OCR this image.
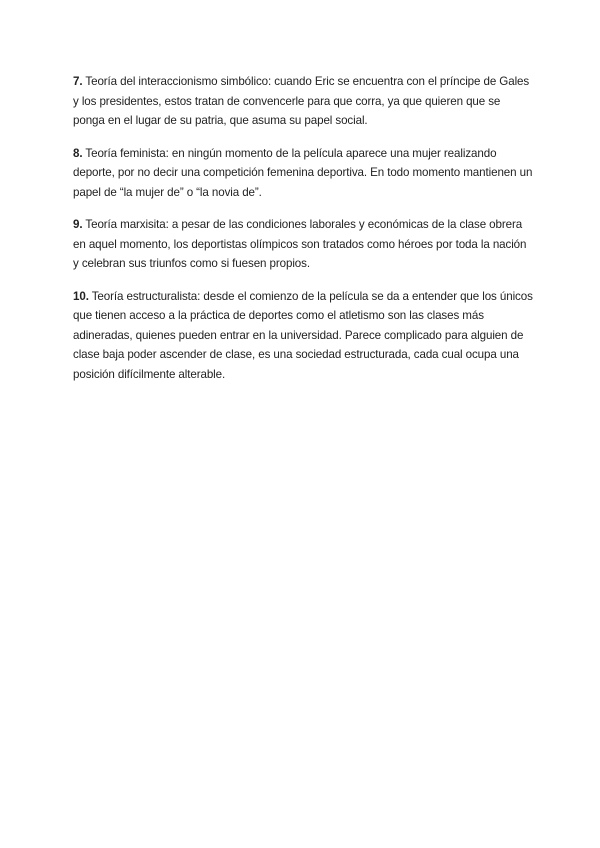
7. Teoría del interaccionismo simbólico: cuando Eric se encuentra con el príncipe de Gales y los presidentes, estos tratan de convencerle para que corra, ya que quieren que se ponga en el lugar de su patria, que asuma su papel social.

8. Teoría feminista: en ningún momento de la película aparece una mujer realizando deporte, por no decir una competición femenina deportiva. En todo momento mantienen un papel de “la mujer de” o “la novia de”.

9. Teoría marxisita: a pesar de las condiciones laborales y económicas de la clase obrera en aquel momento, los deportistas olímpicos son tratados como héroes por toda la nación y celebran sus triunfos como si fuesen propios.

10. Teoría estructuralista: desde el comienzo de la película se da a entender que los únicos que tienen acceso a la práctica de deportes como el atletismo son las clases más adineradas, quienes pueden entrar en la universidad. Parece complicado para alguien de clase baja poder ascender de clase, es una sociedad estructurada, cada cual ocupa una posición difícilmente alterable.
